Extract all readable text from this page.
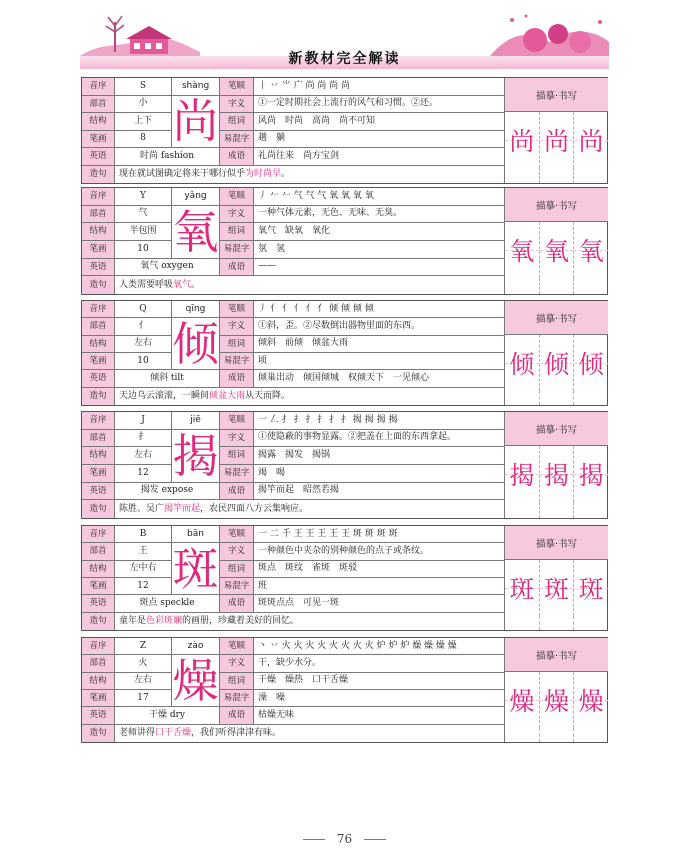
新教材完全解读
音序	S	shàng	笔顺	丨 丷 ⺌ 广 尚 尚 尚 尚
部首	小 尚	字义	①一定时期社会上流行的风气和习惯。②还。
结构	上下	组词	风尚　时尚　高尚　尚不可知
笔画	8	易混字 趟　躺
英语	时尚 fashion	成语	礼尚往来　尚方宝剑
造句	现在就试图确定将来干哪行似乎 为时尚早 。
描摹·书写
尚 尚 尚
音序	Y	yǎng	笔顺	丿 𠂉 𠂉 气 气 气 氧 氧 氧 氧
部首	气 氧	字义	一种气体元素，无色、无味、无臭。
结构	半包围	组词	氧气　缺氧　氧化
笔画	10	易混字 氛　氢
英语	氧气 oxygen	成语	——
造句	人类需要呼吸 氧气 。
描摹·书写
氧 氧 氧
音序	Q	qīng	笔顺	丿 亻 亻 亻 亻 亻 倾 倾 倾 倾
部首	亻 倾	字义	①斜，歪。②尽数倒出器物里面的东西。
结构	左右	组词	倾斜　前倾　倾盆大雨
笔画	10	易混字 顷
英语	倾斜 tilt	成语	倾巢出动　倾国倾城　权倾天下　一见倾心
造句	天边乌云滚滚，一瞬间 倾盆大雨 从天而降。
描摹·书写
倾 倾 倾
音序	J	jiē	笔顺	一 𠃋 扌 扌 扌 扌 扌 扌 揭 揭 揭 揭
部首	扌 揭	字义	①使隐蔽的事物显露。②把盖在上面的东西拿起。
结构	左右	组词	揭露　揭发　揭锅
笔画	12	易混字 竭　喝
英语	揭发 expose	成语	揭竿而起　昭然若揭
造句	陈胜、吴广 揭竿而起 ，农民四面八方云集响应。
描摹·书写
揭 揭 揭
音序	B	bān	笔顺	一 二 千 王 王 王 王 王 斑 斑 斑 斑
部首	王 斑	字义	一种颜色中夹杂的别种颜色的点子或条纹。
结构	左中右	组词	斑点　斑纹　雀斑　斑驳
笔画	12	易混字 班
英语	斑点 speckle	成语	斑斑点点　可见一斑
造句	童年是 色彩斑斓 的画册，珍藏着美好的回忆。
描摹·书写
斑 斑 斑
音序	Z	zào	笔顺	丶 丷 火 火 火 火 火 火 火 火 炉 炉 炉 燥 燥 燥 燥
部首	火 燥	字义	干，缺少水分。
结构	左右	组词	干燥　燥热　口干舌燥
笔画	17	易混字 澡　噪
英语	干燥 dry	成语	枯燥无味
造句	老师讲得 口干舌燥 ，我们听得津津有味。
描摹·书写
燥 燥 燥
76
